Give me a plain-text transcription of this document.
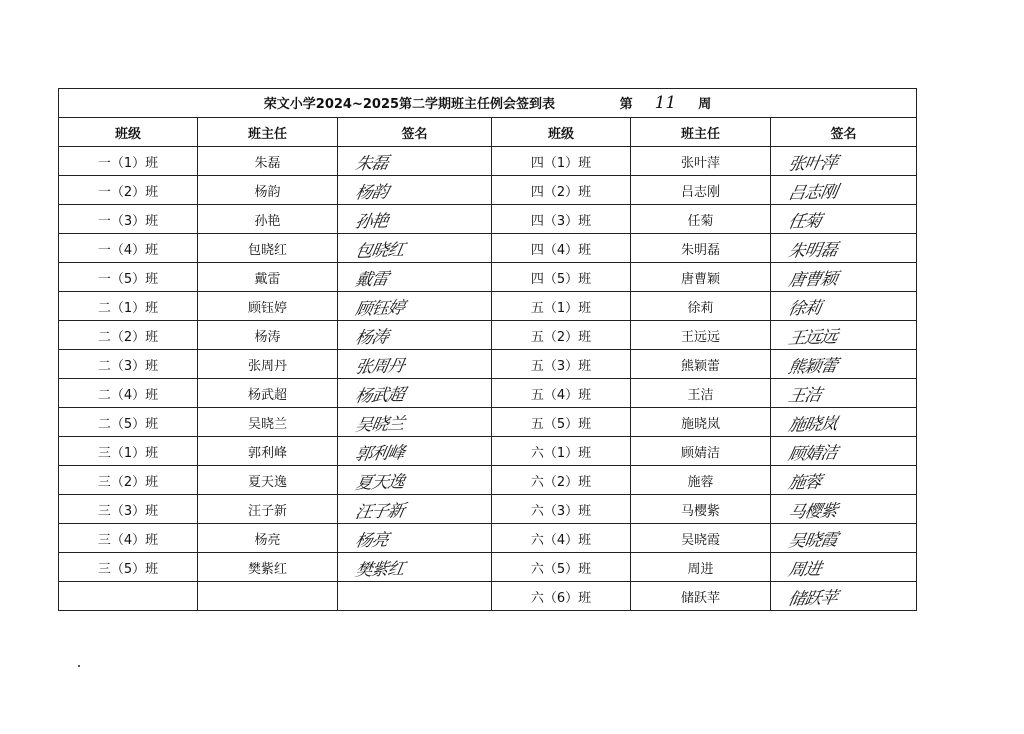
荣文小学2024~2025第二学期班主任例会签到表 第 11 周					
班级	班主任	签名	班级	班主任	签名
一（1）班	朱磊	朱磊	四（1）班	张叶萍	张叶萍
一（2）班	杨韵	杨韵	四（2）班	吕志刚	吕志刚
一（3）班	孙艳	孙艳	四（3）班	任菊	任菊
一（4）班	包晓红	包晓红	四（4）班	朱明磊	朱明磊
一（5）班	戴雷	戴雷	四（5）班	唐曹颖	唐曹颖
二（1）班	顾钰婷	顾钰婷	五（1）班	徐莉	徐莉
二（2）班	杨涛	杨涛	五（2）班	王远远	王远远
二（3）班	张周丹	张周丹	五（3）班	熊颖蕾	熊颖蕾
二（4）班	杨武超	杨武超	五（4）班	王洁	王洁
二（5）班	吴晓兰	吴晓兰	五（5）班	施晓岚	施晓岚
三（1）班	郭利峰	郭利峰	六（1）班	顾婧洁	顾婧洁
三（2）班	夏天逸	夏天逸	六（2）班	施蓉	施蓉
三（3）班	汪子新	汪子新	六（3）班	马樱紫	马樱紫
三（4）班	杨亮	杨亮	六（4）班	吴晓霞	吴晓霞
三（5）班	樊紫红	樊紫红	六（5）班	周进	周进
			六（6）班	储跃苹	储跃苹
